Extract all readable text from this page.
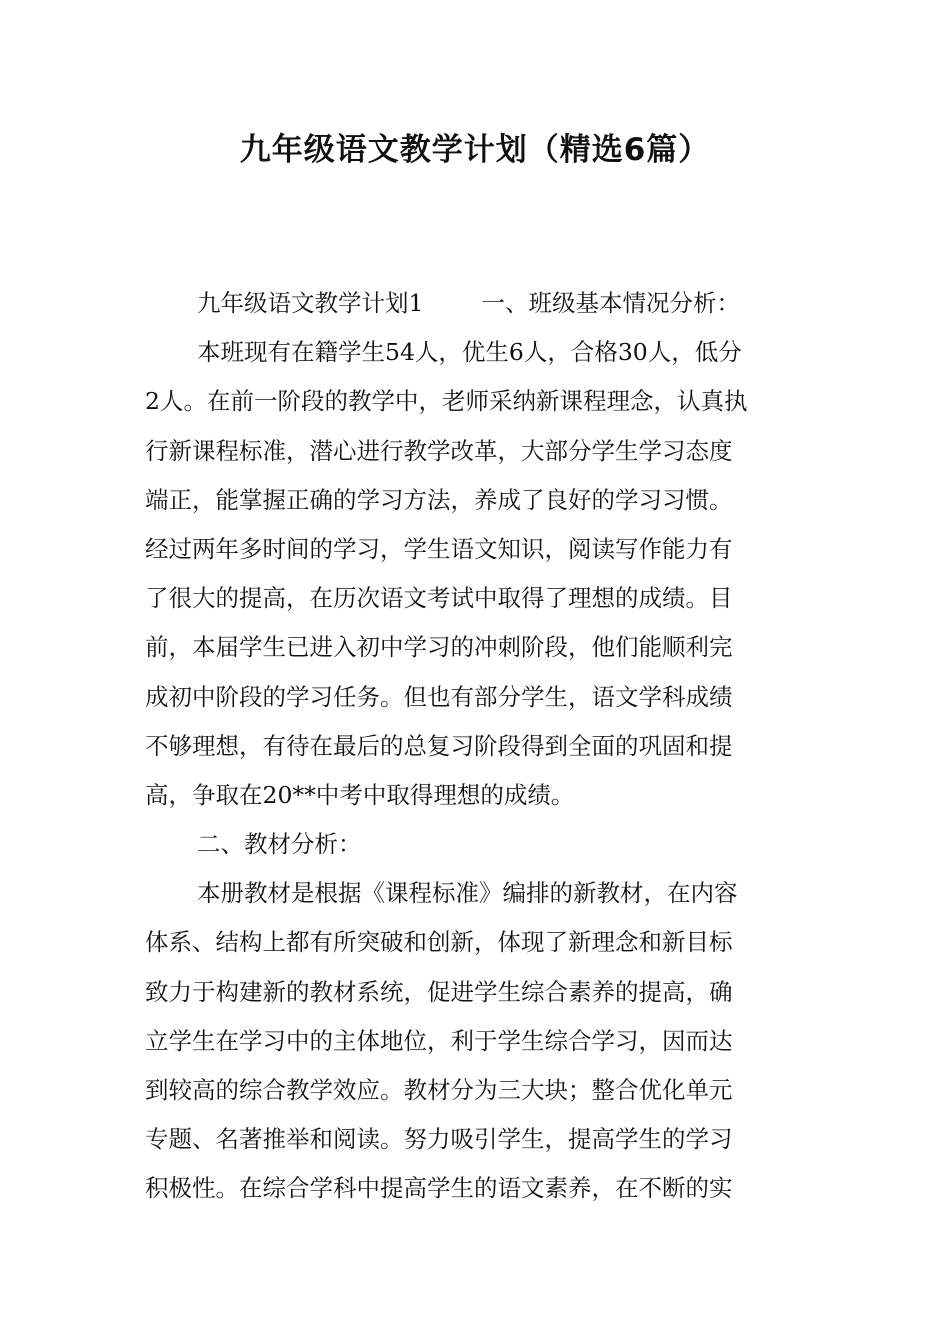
九年级语文教学计划（精选6篇）
九年级语文教学计划1 一、班级基本情况分析：
本班现有在籍学生54人，优生6人，合格30人，低分
2人。在前一阶段的教学中，老师采纳新课程理念，认真执
行新课程标准，潜心进行教学改革，大部分学生学习态度
端正，能掌握正确的学习方法，养成了良好的学习习惯。
经过两年多时间的学习，学生语文知识，阅读写作能力有
了很大的提高，在历次语文考试中取得了理想的成绩。目
前，本届学生已进入初中学习的冲刺阶段，他们能顺利完
成初中阶段的学习任务。但也有部分学生，语文学科成绩
不够理想，有待在最后的总复习阶段得到全面的巩固和提
高，争取在20**中考中取得理想的成绩。
二、教材分析：
本册教材是根据《课程标准》编排的新教材，在内容
体系、结构上都有所突破和创新，体现了新理念和新目标
致力于构建新的教材系统，促进学生综合素养的提高，确
立学生在学习中的主体地位，利于学生综合学习，因而达
到较高的综合教学效应。教材分为三大块；整合优化单元
专题、名著推举和阅读。努力吸引学生，提高学生的学习
积极性。在综合学科中提高学生的语文素养，在不断的实
